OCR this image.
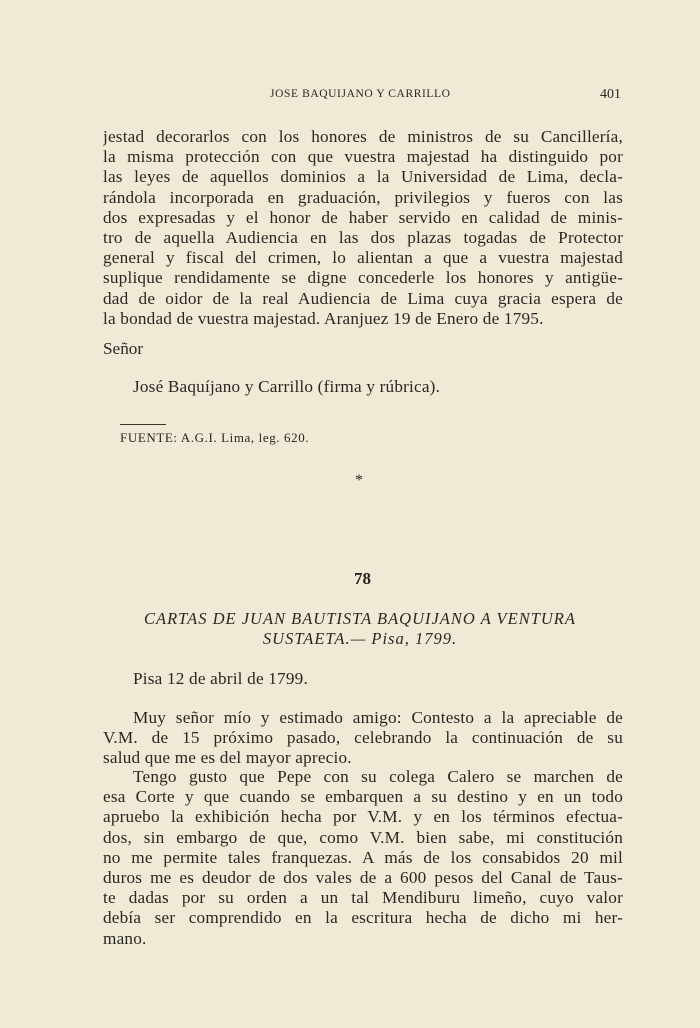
JOSE BAQUIJANO Y CARRILLO	401
jestad decorarlos con los honores de ministros de su Cancillería,
la misma protección con que vuestra majestad ha distinguido por
las leyes de aquellos dominios a la Universidad de Lima, decla-
rándola incorporada en graduación, privilegios y fueros con las
dos expresadas y el honor de haber servido en calidad de minis-
tro de aquella Audiencia en las dos plazas togadas de Protector
general y fiscal del crimen, lo alientan a que a vuestra majestad
suplique rendidamente se digne concederle los honores y antigüe-
dad de oidor de la real Audiencia de Lima cuya gracia espera de
la bondad de vuestra majestad. Aranjuez 19 de Enero de 1795.
Señor
José Baquíjano y Carrillo (firma y rúbrica).
FUENTE: A.G.I. Lima, leg. 620.
*
78
CARTAS DE JUAN BAUTISTA BAQUIJANO A VENTURA
SUSTAETA.— Pisa, 1799.
Pisa 12 de abril de 1799.
Muy señor mío y estimado amigo: Contesto a la apreciable de
V.M. de 15 próximo pasado, celebrando la continuación de su
salud que me es del mayor aprecio.
Tengo gusto que Pepe con su colega Calero se marchen de
esa Corte y que cuando se embarquen a su destino y en un todo
apruebo la exhibición hecha por V.M. y en los términos efectua-
dos, sin embargo de que, como V.M. bien sabe, mi constitución
no me permite tales franquezas. A más de los consabidos 20 mil
duros me es deudor de dos vales de a 600 pesos del Canal de Taus-
te dadas por su orden a un tal Mendiburu limeño, cuyo valor
debía ser comprendido en la escritura hecha de dicho mi her-
mano.
